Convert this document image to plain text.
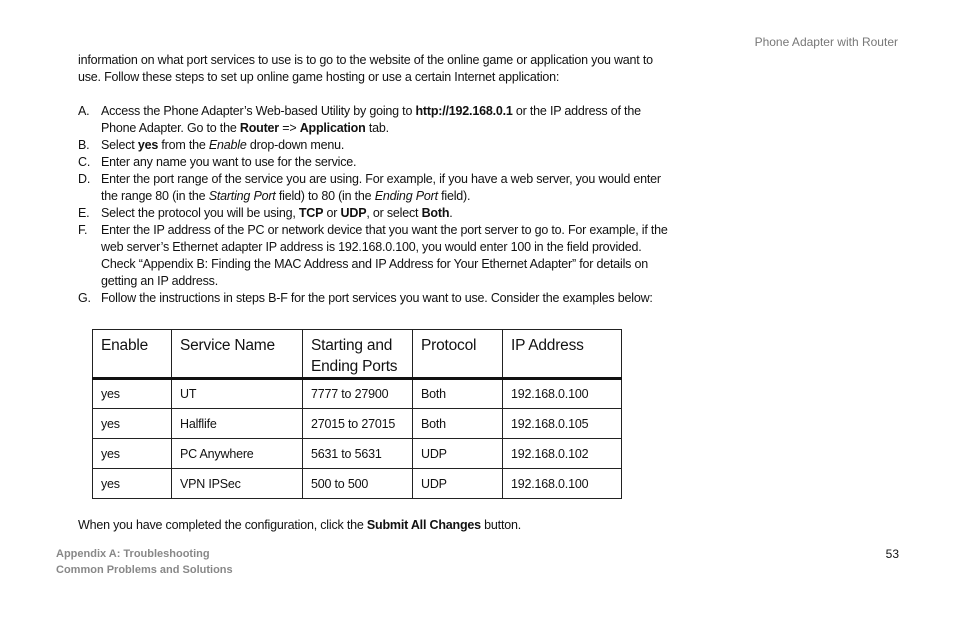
Phone Adapter with Router

information on what port services to use is to go to the website of the online game or application you want to use. Follow these steps to set up online game hosting or use a certain Internet application:

A. Access the Phone Adapter’s Web-based Utility by going to http://192.168.0.1 or the IP address of the Phone Adapter. Go to the Router => Application tab.
B. Select yes from the Enable drop-down menu.
C. Enter any name you want to use for the service.
D. Enter the port range of the service you are using. For example, if you have a web server, you would enter the range 80 (in the Starting Port field) to 80 (in the Ending Port field).
E. Select the protocol you will be using, TCP or UDP, or select Both.
F. Enter the IP address of the PC or network device that you want the port server to go to. For example, if the web server’s Ethernet adapter IP address is 192.168.0.100, you would enter 100 in the field provided. Check “Appendix B: Finding the MAC Address and IP Address for Your Ethernet Adapter” for details on getting an IP address.
G. Follow the instructions in steps B-F for the port services you want to use. Consider the examples below:
Enable	Service Name	Starting and Ending Ports	Protocol	IP Address
yes	UT	7777 to 27900	Both	192.168.0.100
yes	Halflife	27015 to 27015	Both	192.168.0.105
yes	PC Anywhere	5631 to 5631	UDP	192.168.0.102
yes	VPN IPSec	500 to 500	UDP	192.168.0.100
When you have completed the configuration, click the Submit All Changes button.
Appendix A: Troubleshooting
Common Problems and Solutions
53
